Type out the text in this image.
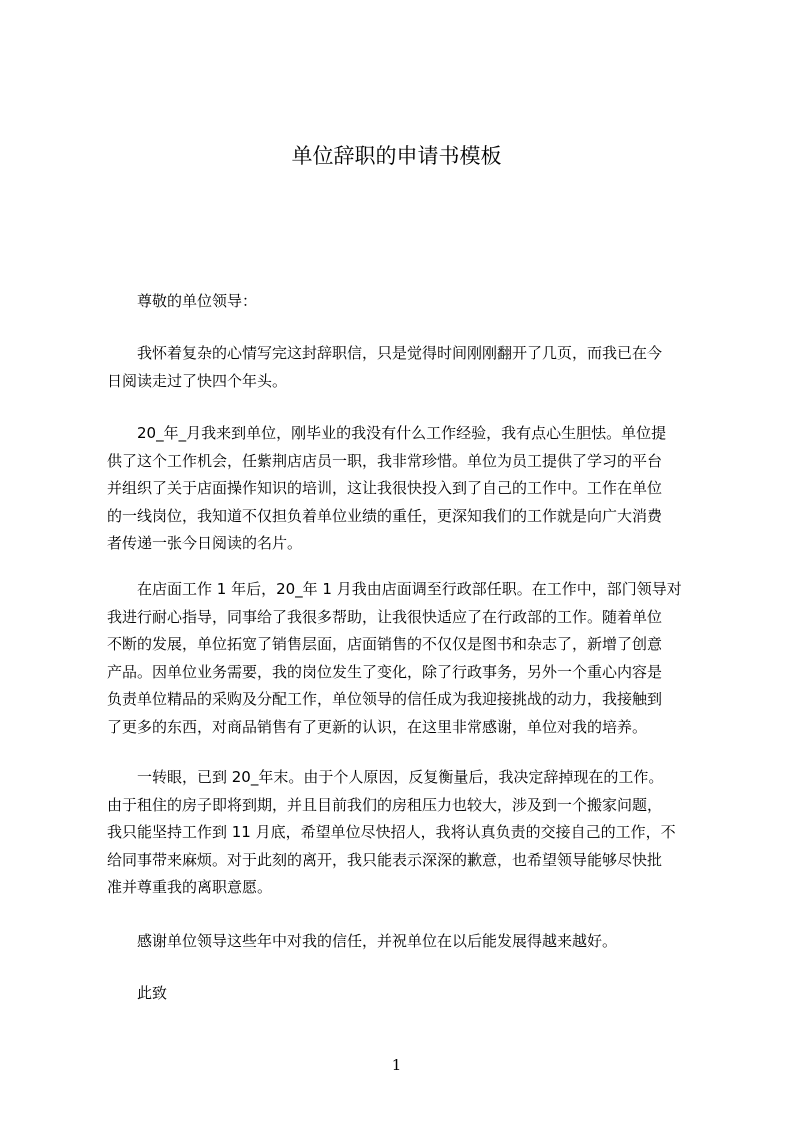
单位辞职的申请书模板
尊敬的单位领导：
我怀着复杂的心情写完这封辞职信，只是觉得时间刚刚翻开了几页，而我已在今
日阅读走过了快四个年头。
20_年_月我来到单位，刚毕业的我没有什么工作经验，我有点心生胆怯。单位提
供了这个工作机会，任紫荆店店员一职，我非常珍惜。单位为员工提供了学习的平台
并组织了关于店面操作知识的培训，这让我很快投入到了自己的工作中。工作在单位
的一线岗位，我知道不仅担负着单位业绩的重任，更深知我们的工作就是向广大消费
者传递一张今日阅读的名片。
在店面工作 1 年后，20_年 1 月我由店面调至行政部任职。在工作中，部门领导对
我进行耐心指导，同事给了我很多帮助，让我很快适应了在行政部的工作。随着单位
不断的发展，单位拓宽了销售层面，店面销售的不仅仅是图书和杂志了，新增了创意
产品。因单位业务需要，我的岗位发生了变化，除了行政事务，另外一个重心内容是
负责单位精品的采购及分配工作，单位领导的信任成为我迎接挑战的动力，我接触到
了更多的东西，对商品销售有了更新的认识，在这里非常感谢，单位对我的培养。
一转眼，已到 20_年末。由于个人原因，反复衡量后，我决定辞掉现在的工作。
由于租住的房子即将到期，并且目前我们的房租压力也较大，涉及到一个搬家问题，
我只能坚持工作到 11 月底，希望单位尽快招人，我将认真负责的交接自己的工作，不
给同事带来麻烦。对于此刻的离开，我只能表示深深的歉意，也希望领导能够尽快批
准并尊重我的离职意愿。
感谢单位领导这些年中对我的信任，并祝单位在以后能发展得越来越好。
此致
1
